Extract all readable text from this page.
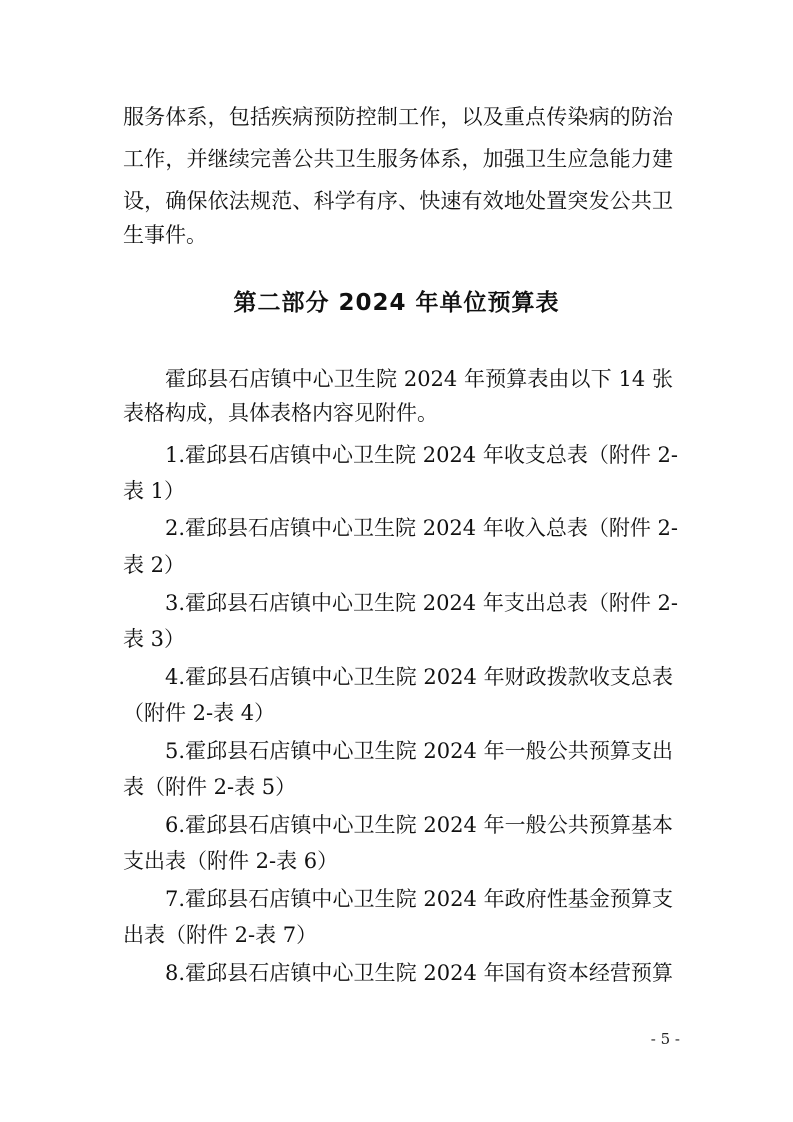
服务体系，包括疾病预防控制工作，以及重点传染病的防治
工作，并继续完善公共卫生服务体系，加强卫生应急能力建
设，确保依法规范、科学有序、快速有效地处置突发公共卫
生事件。
第二部分 2024 年单位预算表
霍邱县石店镇中心卫生院 2024 年预算表由以下 14 张
表格构成，具体表格内容见附件。
1.霍邱县石店镇中心卫生院 2024 年收支总表（附件 2-
表 1）
2.霍邱县石店镇中心卫生院 2024 年收入总表（附件 2-
表 2）
3.霍邱县石店镇中心卫生院 2024 年支出总表（附件 2-
表 3）
4.霍邱县石店镇中心卫生院 2024 年财政拨款收支总表
（附件 2-表 4）
5.霍邱县石店镇中心卫生院 2024 年一般公共预算支出
表（附件 2-表 5）
6.霍邱县石店镇中心卫生院 2024 年一般公共预算基本
支出表（附件 2-表 6）
7.霍邱县石店镇中心卫生院 2024 年政府性基金预算支
出表（附件 2-表 7）
8.霍邱县石店镇中心卫生院 2024 年国有资本经营预算
- 5 -
